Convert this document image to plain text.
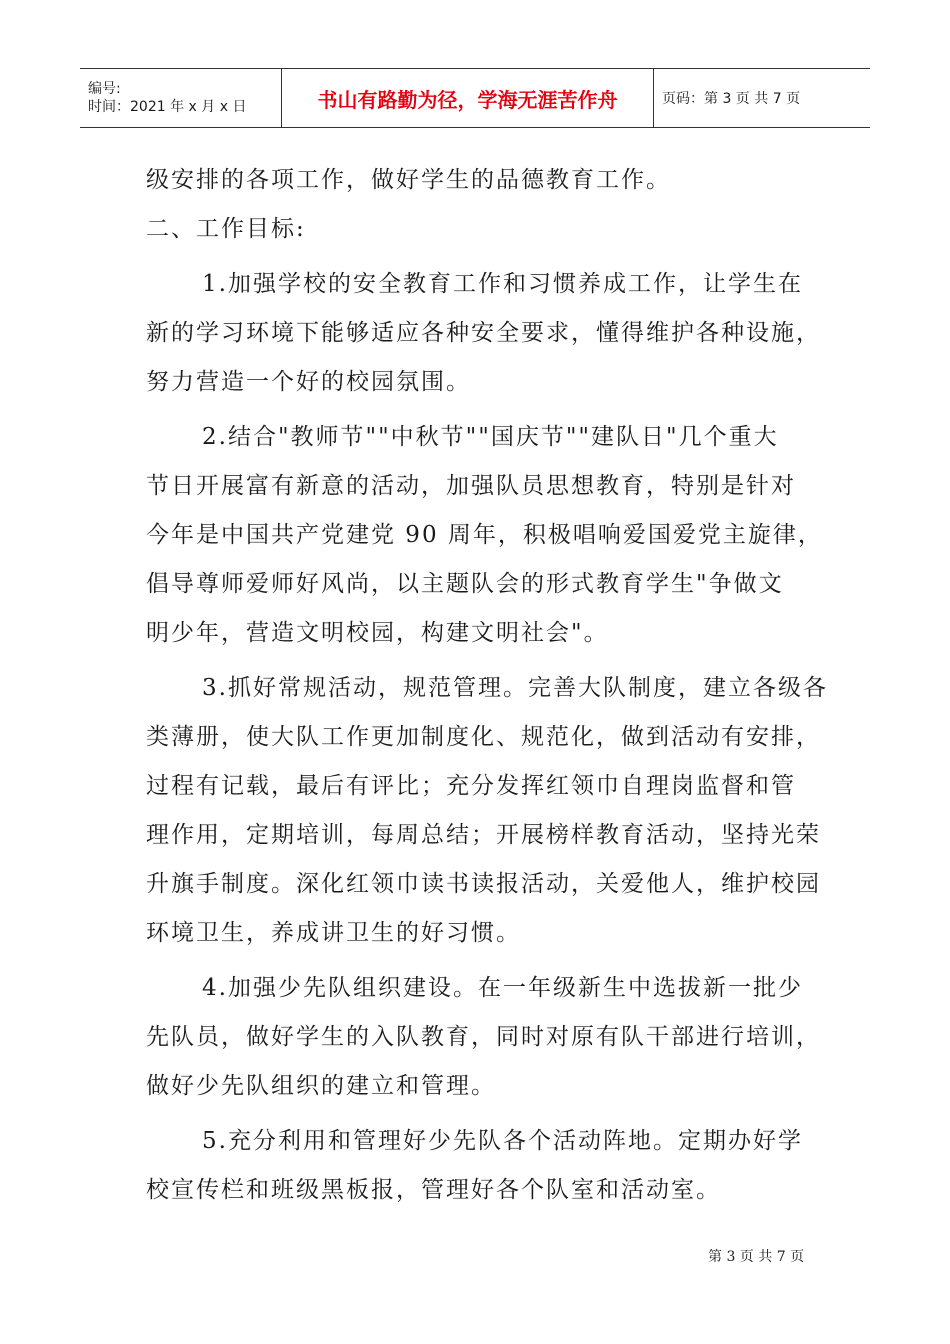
编号:
时间：2021 年 x 月 x 日	书山有路勤为径，学海无涯苦作舟	页码：第 3 页 共 7 页
级安排的各项工作，做好学生的品德教育工作。
二、工作目标:
1.加强学校的安全教育工作和习惯养成工作，让学生在
新的学习环境下能够适应各种安全要求，懂得维护各种设施，
努力营造一个好的校园氛围。
2.结合"教师节""中秋节""国庆节""建队日"几个重大
节日开展富有新意的活动，加强队员思想教育，特别是针对
今年是中国共产党建党 90 周年，积极唱响爱国爱党主旋律，
倡导尊师爱师好风尚，以主题队会的形式教育学生"争做文
明少年，营造文明校园，构建文明社会"。
3.抓好常规活动，规范管理。完善大队制度，建立各级各
类薄册，使大队工作更加制度化、规范化，做到活动有安排，
过程有记载，最后有评比；充分发挥红领巾自理岗监督和管
理作用，定期培训，每周总结；开展榜样教育活动，坚持光荣
升旗手制度。深化红领巾读书读报活动，关爱他人，维护校园
环境卫生，养成讲卫生的好习惯。
4.加强少先队组织建设。在一年级新生中选拔新一批少
先队员，做好学生的入队教育，同时对原有队干部进行培训，
做好少先队组织的建立和管理。
5.充分利用和管理好少先队各个活动阵地。定期办好学
校宣传栏和班级黑板报，管理好各个队室和活动室。
第 3 页 共 7 页
